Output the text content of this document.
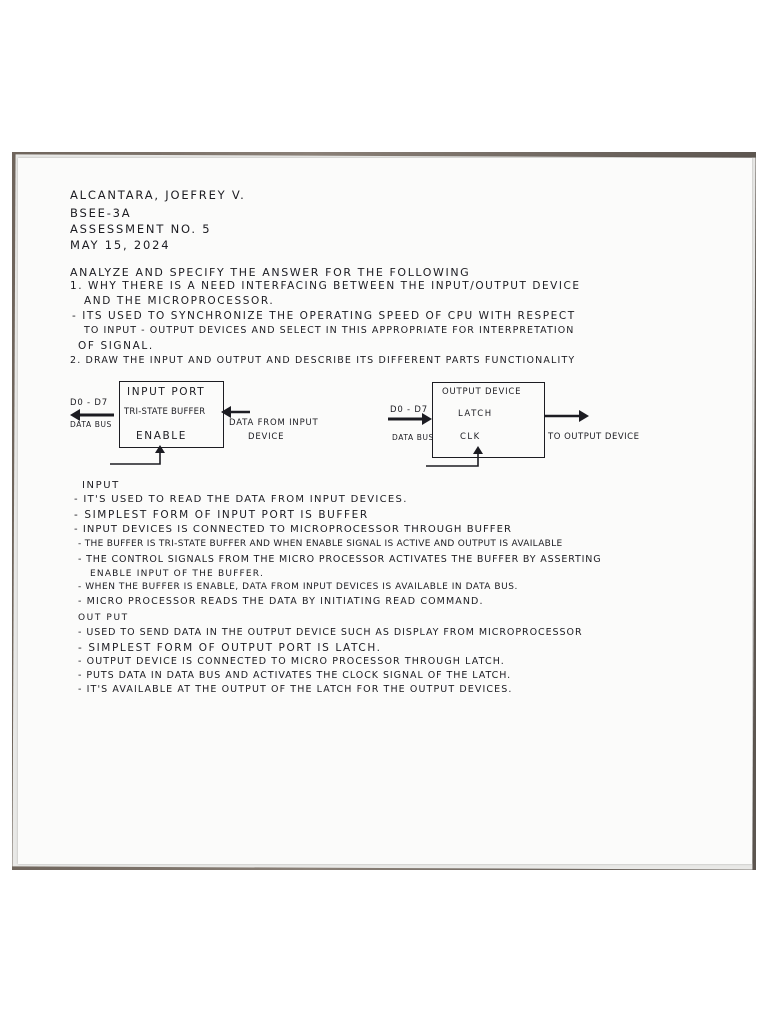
ALCANTARA, JOEFREY V.
BSEE-3A
ASSESSMENT NO. 5
MAY 15, 2024
ANALYZE AND SPECIFY THE ANSWER FOR THE FOLLOWING
1. WHY THERE IS A NEED INTERFACING BETWEEN THE INPUT/OUTPUT DEVICE
AND THE MICROPROCESSOR.
- ITS USED TO SYNCHRONIZE THE OPERATING SPEED OF CPU WITH RESPECT
TO INPUT - OUTPUT DEVICES AND SELECT IN THIS APPROPRIATE FOR INTERPRETATION
OF SIGNAL.
2. DRAW THE INPUT AND OUTPUT AND DESCRIBE ITS DIFFERENT PARTS FUNCTIONALITY
INPUT PORT
TRI-STATE BUFFER
ENABLE
D0 - D7
DATA BUS	DATA FROM INPUT
DEVICE
OUTPUT DEVICE
LATCH
CLK
D0 - D7
DATA BUS	TO OUTPUT DEVICE
INPUT
- IT'S USED TO READ THE DATA FROM INPUT DEVICES.
- SIMPLEST FORM OF INPUT PORT IS BUFFER
- INPUT DEVICES IS CONNECTED TO MICROPROCESSOR THROUGH BUFFER
- THE BUFFER IS TRI-STATE BUFFER AND WHEN ENABLE SIGNAL IS ACTIVE AND OUTPUT IS AVAILABLE
- THE CONTROL SIGNALS FROM THE MICRO PROCESSOR ACTIVATES THE BUFFER BY ASSERTING
ENABLE INPUT OF THE BUFFER.
- WHEN THE BUFFER IS ENABLE, DATA FROM INPUT DEVICES IS AVAILABLE IN DATA BUS.
- MICRO PROCESSOR READS THE DATA BY INITIATING READ COMMAND.
OUT PUT
- USED TO SEND DATA IN THE OUTPUT DEVICE SUCH AS DISPLAY FROM MICROPROCESSOR
- SIMPLEST FORM OF OUTPUT PORT IS LATCH.
- OUTPUT DEVICE IS CONNECTED TO MICRO PROCESSOR THROUGH LATCH.
- PUTS DATA IN DATA BUS AND ACTIVATES THE CLOCK SIGNAL OF THE LATCH.
- IT'S AVAILABLE AT THE OUTPUT OF THE LATCH FOR THE OUTPUT DEVICES.
